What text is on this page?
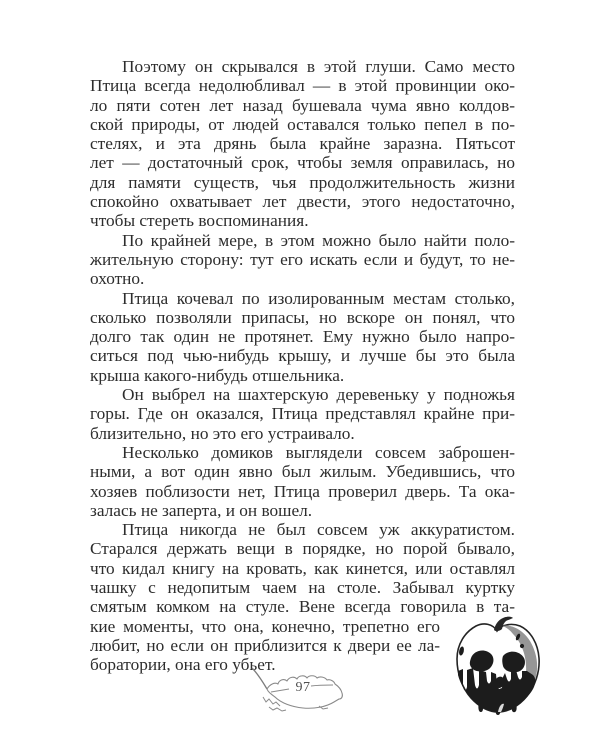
Поэтому он скрывался в этой глуши. Само место
Птица всегда недолюбливал — в этой провинции око-
ло пяти сотен лет назад бушевала чума явно колдов-
ской природы, от людей оставался только пепел в по-
стелях, и эта дрянь была крайне заразна. Пятьсот
лет — достаточный срок, чтобы земля оправилась, но
для памяти существ, чья продолжительность жизни
спокойно охватывает лет двести, этого недостаточно,
чтобы стереть воспоминания.
По крайней мере, в этом можно было найти поло-
жительную сторону: тут его искать если и будут, то не-
охотно.
Птица кочевал по изолированным местам столько,
сколько позволяли припасы, но вскоре он понял, что
долго так один не протянет. Ему нужно было напро-
ситься под чью-нибудь крышу, и лучше бы это была
крыша какого-нибудь отшельника.
Он выбрел на шахтерскую деревеньку у подножья
горы. Где он оказался, Птица представлял крайне при-
близительно, но это его устраивало.
Несколько домиков выглядели совсем заброшен-
ными, а вот один явно был жилым. Убедившись, что
хозяев поблизости нет, Птица проверил дверь. Та ока-
залась не заперта, и он вошел.
Птица никогда не был совсем уж аккуратистом.
Старался держать вещи в порядке, но порой бывало,
что кидал книгу на кровать, как кинется, или оставлял
чашку с недопитым чаем на столе. Забывал куртку
смятым комком на стуле. Вене всегда говорила в та-
кие моменты, что она, конечно, трепетно его
любит, но если он приблизится к двери ее ла-
боратории, она его убьет.
97
